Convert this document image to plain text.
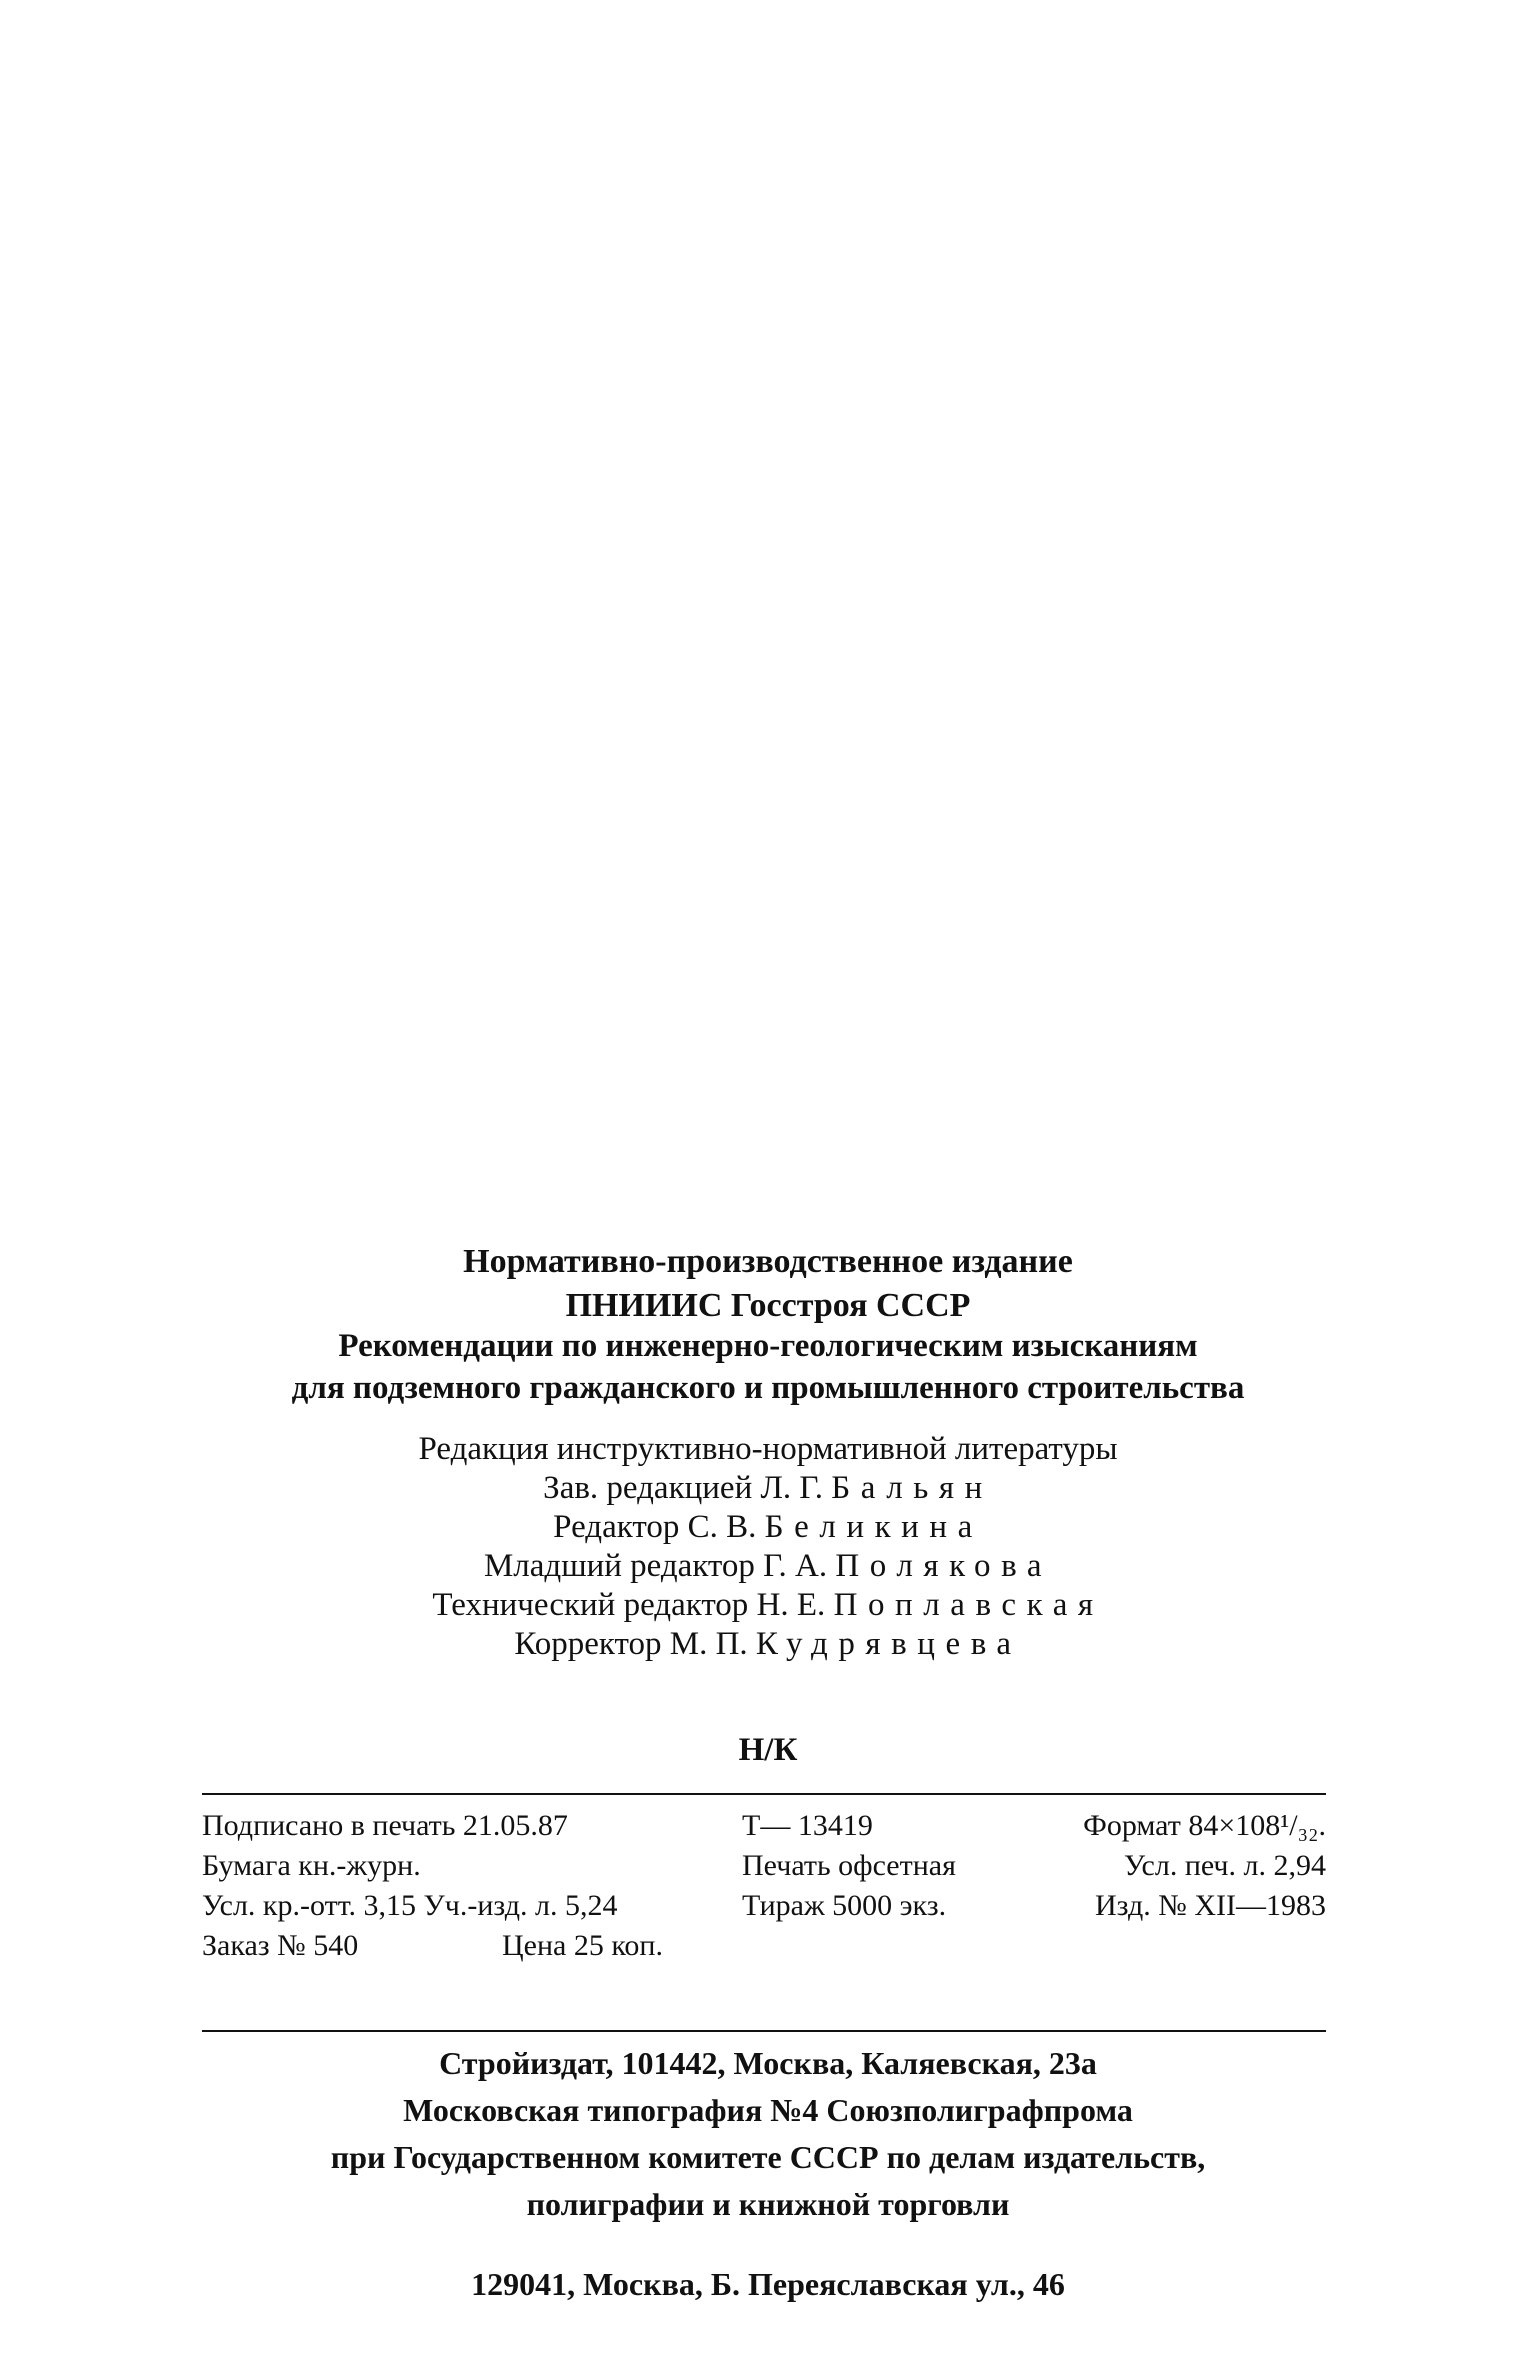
Нормативно-производственное издание
ПНИИИС Госстроя СССР
Рекомендации по инженерно-геологическим изысканиям
для подземного гражданского и промышленного строительства
Редакция инструктивно-нормативной литературы
Зав. редакцией Л. Г. Бальян
Редактор С. В. Беликина
Младший редактор Г. А. Полякова
Технический редактор Н. Е. Поплавская
Корректор М. П. Кудрявцева
Н/К
Подписано в печать 21.05.87	Т— 13419	Формат 84×108¹/₃₂.
Бумага кн.-журн.	Печать офсетная	Усл. печ. л. 2,94
Усл. кр.-отт. 3,15 Уч.-изд. л. 5,24	Тираж 5000 экз.	Изд. № XII—1983
Заказ № 540	Цена 25 коп.
Стройиздат, 101442, Москва, Каляевская, 23а
Московская типография №4 Союзполиграфпрома
при Государственном комитете СССР по делам издательств,
полиграфии и книжной торговли
129041, Москва, Б. Переяславская ул., 46
